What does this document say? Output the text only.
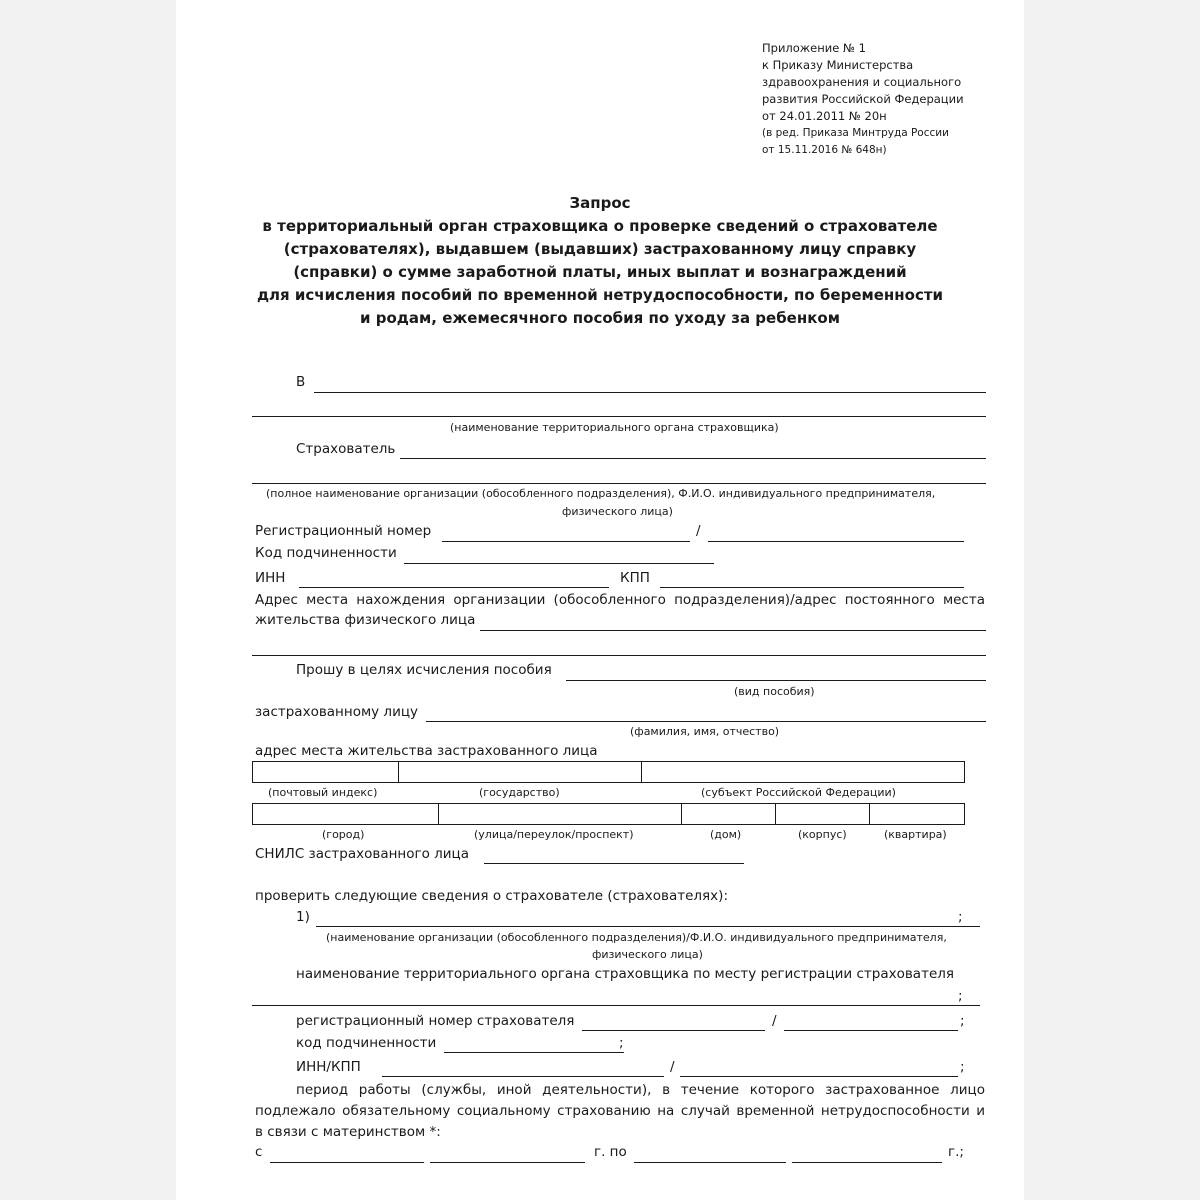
Приложение № 1
к Приказу Министерства
здравоохранения и социального
развития Российской Федерации
от 24.01.2011 № 20н
(в ред. Приказа Минтруда России
от 15.11.2016 № 648н)
Запрос
в территориальный орган страховщика о проверке сведений о страхователе
(страхователях), выдавшем (выдавших) застрахованному лицу справку
(справки) о сумме заработной платы, иных выплат и вознаграждений
для исчисления пособий по временной нетрудоспособности, по беременности
и родам, ежемесячного пособия по уходу за ребенком
В
(наименование территориального органа страховщика)
Страхователь
(полное наименование организации (обособленного подразделения), Ф.И.О. индивидуального предпринимателя,
физического лица)
Регистрационный номер	/
Код подчиненности
ИНН	КПП
Адрес места нахождения организации (обособленного подразделения)/адрес постоянного места
жительства физического лица
Прошу в целях исчисления пособия
(вид пособия)
застрахованному лицу
(фамилия, имя, отчество)
адрес места жительства застрахованного лица
(почтовый индекс)	(государство)	(субъект Российской Федерации)
(город)	(улица/переулок/проспект)	(дом)	(корпус)	(квартира)
СНИЛС застрахованного лица
проверить следующие сведения о страхователе (страхователях):
1)	;
(наименование организации (обособленного подразделения)/Ф.И.О. индивидуального предпринимателя,
физического лица)
наименование территориального органа страховщика по месту регистрации страхователя
;
регистрационный номер страхователя	/	;
код подчиненности	;
ИНН/КПП	/	;
период работы (службы, иной деятельности), в течение которого застрахованное лицо
подлежало обязательному социальному страхованию на случай временной нетрудоспособности и
в связи с материнством *:
с	г. по	г.;
